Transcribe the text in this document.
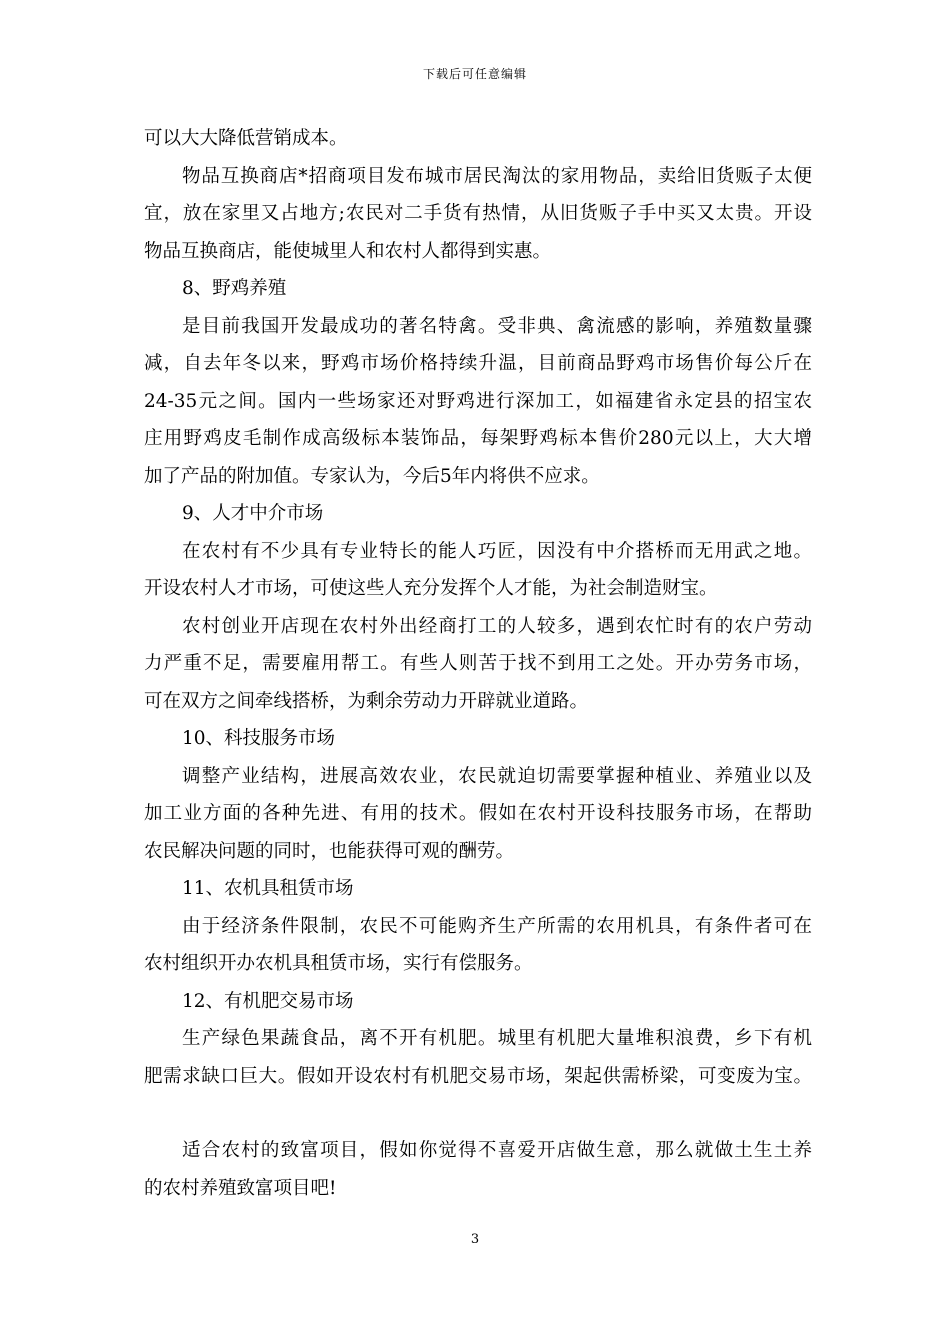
下载后可任意编辑
可以大大降低营销成本。
物品互换商店*招商项目发布城市居民淘汰的家用物品，卖给旧货贩子太便
宜，放在家里又占地方;农民对二手货有热情，从旧货贩子手中买又太贵。开设
物品互换商店，能使城里人和农村人都得到实惠。
8、野鸡养殖
是目前我国开发最成功的著名特禽。受非典、禽流感的影响，养殖数量骤
减，自去年冬以来，野鸡市场价格持续升温，目前商品野鸡市场售价每公斤在
24-35元之间。国内一些场家还对野鸡进行深加工，如福建省永定县的招宝农
庄用野鸡皮毛制作成高级标本装饰品，每架野鸡标本售价280元以上，大大增
加了产品的附加值。专家认为，今后5年内将供不应求。
9、人才中介市场
在农村有不少具有专业特长的能人巧匠，因没有中介搭桥而无用武之地。
开设农村人才市场，可使这些人充分发挥个人才能，为社会制造财宝。
农村创业开店现在农村外出经商打工的人较多，遇到农忙时有的农户劳动
力严重不足，需要雇用帮工。有些人则苦于找不到用工之处。开办劳务市场，
可在双方之间牵线搭桥，为剩余劳动力开辟就业道路。
10、科技服务市场
调整产业结构，进展高效农业，农民就迫切需要掌握种植业、养殖业以及
加工业方面的各种先进、有用的技术。假如在农村开设科技服务市场，在帮助
农民解决问题的同时，也能获得可观的酬劳。
11、农机具租赁市场
由于经济条件限制，农民不可能购齐生产所需的农用机具，有条件者可在
农村组织开办农机具租赁市场，实行有偿服务。
12、有机肥交易市场
生产绿色果蔬食品，离不开有机肥。城里有机肥大量堆积浪费，乡下有机
肥需求缺口巨大。假如开设农村有机肥交易市场，架起供需桥梁，可变废为宝。
适合农村的致富项目，假如你觉得不喜爱开店做生意，那么就做土生土养
的农村养殖致富项目吧!
3
